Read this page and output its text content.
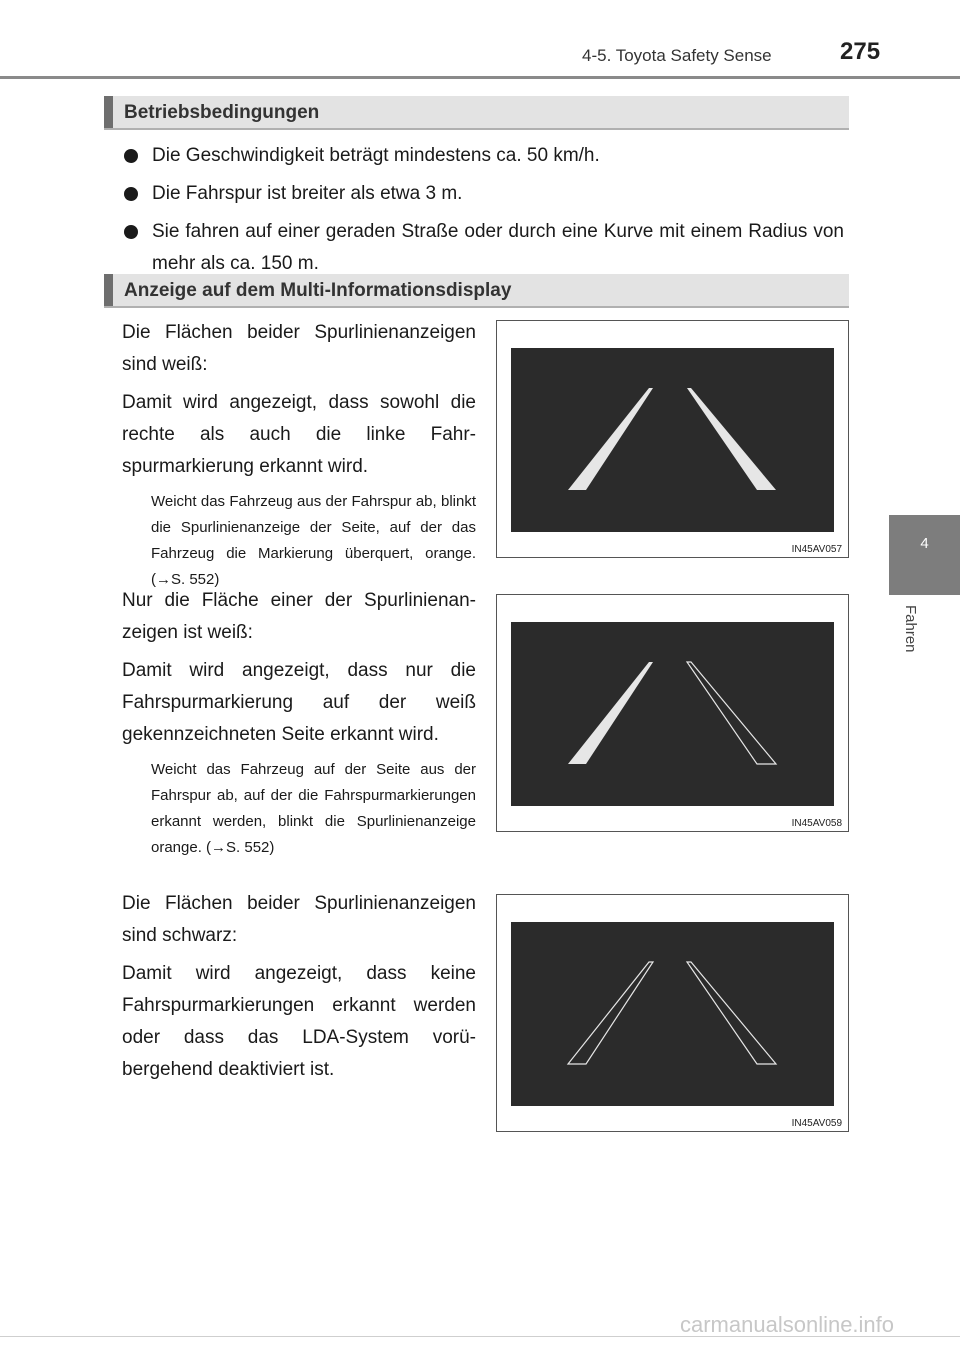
4-5. Toyota Safety Sense	275
4
Fahren
Betriebsbedingungen
Die Geschwindigkeit beträgt mindestens ca. 50 km/h.
Die Fahrspur ist breiter als etwa 3 m.
Sie fahren auf einer geraden Straße oder durch eine Kurve mit einem Radius von mehr als ca. 150 m.
Anzeige auf dem Multi-Informationsdisplay

Die Flächen beider Spurlinienanzeigen sind weiß:

Damit wird angezeigt, dass sowohl die rechte als auch die linke Fahrspurmarkierung erkannt wird.

Weicht das Fahrzeug aus der Fahrspur ab, blinkt die Spurlinienanzeige der Seite, auf der das Fahrzeug die Markierung überquert, orange. (→S. 552)

IN45AV057

Nur die Fläche einer der Spurlinienanzeigen ist weiß:

Damit wird angezeigt, dass nur die Fahrspurmarkierung auf der weiß gekennzeichneten Seite erkannt wird.

Weicht das Fahrzeug auf der Seite aus der Fahrspur ab, auf der die Fahrspurmarkierungen erkannt werden, blinkt die Spurlinienanzeige orange. (→S. 552)

IN45AV058

Die Flächen beider Spurlinienanzeigen sind schwarz:

Damit wird angezeigt, dass keine Fahrspurmarkierungen erkannt werden oder dass das LDA-System vorübergehend deaktiviert ist.

IN45AV059
carmanualsonline.info
